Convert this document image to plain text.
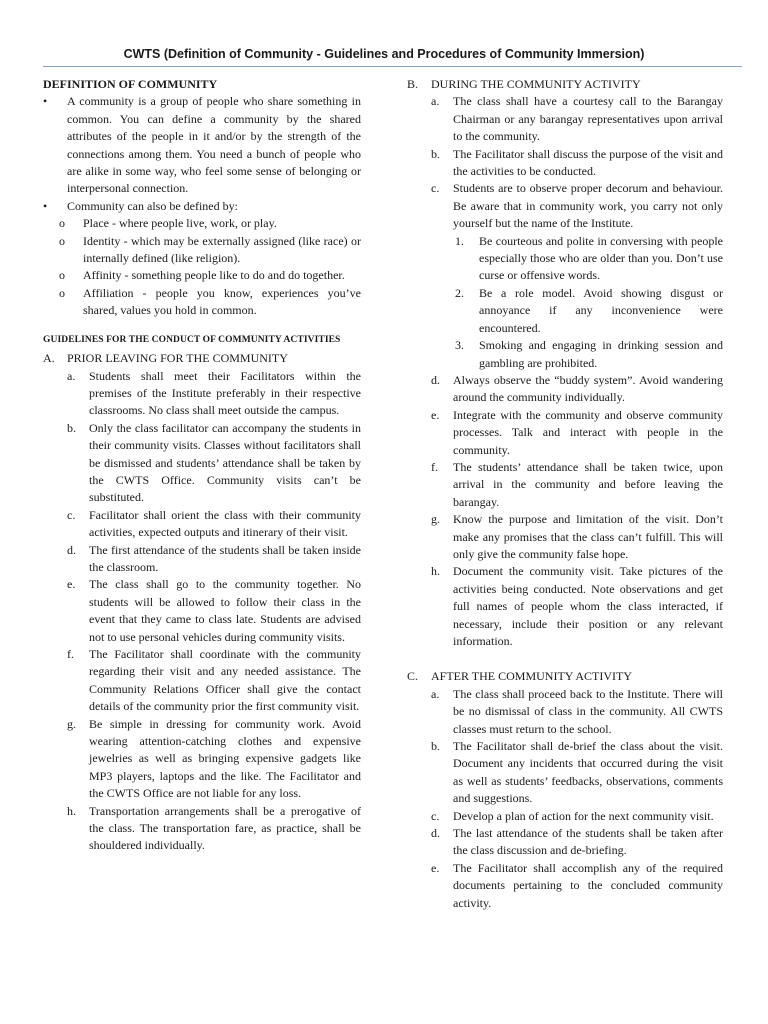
CWTS (Definition of Community - Guidelines and Procedures of Community Immersion)

DEFINITION OF COMMUNITY

•	A community is a group of people who share something in common. You can define a community by the shared attributes of the people in it and/or by the strength of the connections among them. You need a bunch of people who are alike in some way, who feel some sense of belonging or interpersonal connection.
•	Community can also be defined by:
o	Place - where people live, work, or play.
o	Identity - which may be externally assigned (like race) or internally defined (like religion).
o	Affinity - something people like to do and do together.
o	Affiliation - people you know, experiences you’ve shared, values you hold in common.

GUIDELINES FOR THE CONDUCT OF COMMUNITY ACTIVITIES

A.	PRIOR LEAVING FOR THE COMMUNITY
a.	Students shall meet their Facilitators within the premises of the Institute preferably in their respective classrooms. No class shall meet outside the campus.
b.	Only the class facilitator can accompany the students in their community visits. Classes without facilitators shall be dismissed and students’ attendance shall be taken by the CWTS Office. Community visits can’t be substituted.
c.	Facilitator shall orient the class with their community activities, expected outputs and itinerary of their visit.
d.	The first attendance of the students shall be taken inside the classroom.
e.	The class shall go to the community together. No students will be allowed to follow their class in the event that they came to class late. Students are advised not to use personal vehicles during community visits.
f.	The Facilitator shall coordinate with the community regarding their visit and any needed assistance. The Community Relations Officer shall give the contact details of the community prior the first community visit.
g.	Be simple in dressing for community work. Avoid wearing attention-catching clothes and expensive jewelries as well as bringing expensive gadgets like MP3 players, laptops and the like. The Facilitator and the CWTS Office are not liable for any loss.
h.	Transportation arrangements shall be a prerogative of the class. The transportation fare, as practice, shall be shouldered individually.
B.	DURING THE COMMUNITY ACTIVITY
a.	The class shall have a courtesy call to the Barangay Chairman or any barangay representatives upon arrival to the community.
b.	The Facilitator shall discuss the purpose of the visit and the activities to be conducted.
c.	Students are to observe proper decorum and behaviour. Be aware that in community work, you carry not only yourself but the name of the Institute.
1.	Be courteous and polite in conversing with people especially those who are older than you. Don’t use curse or offensive words.
2.	Be a role model. Avoid showing disgust or annoyance if any inconvenience were encountered.
3.	Smoking and engaging in drinking session and gambling are prohibited.
d.	Always observe the “buddy system”. Avoid wandering around the community individually.
e.	Integrate with the community and observe community processes. Talk and interact with people in the community.
f.	The students’ attendance shall be taken twice, upon arrival in the community and before leaving the barangay.
g.	Know the purpose and limitation of the visit. Don’t make any promises that the class can’t fulfill. This will only give the community false hope.
h.	Document the community visit. Take pictures of the activities being conducted. Note observations and get full names of people whom the class interacted, if necessary, include their position or any relevant information.
C.	AFTER THE COMMUNITY ACTIVITY
a.	The class shall proceed back to the Institute. There will be no dismissal of class in the community. All CWTS classes must return to the school.
b.	The Facilitator shall de-brief the class about the visit. Document any incidents that occurred during the visit as well as students’ feedbacks, observations, comments and suggestions.
c.	Develop a plan of action for the next community visit.
d.	The last attendance of the students shall be taken after the class discussion and de-briefing.
e.	The Facilitator shall accomplish any of the required documents pertaining to the concluded community activity.
